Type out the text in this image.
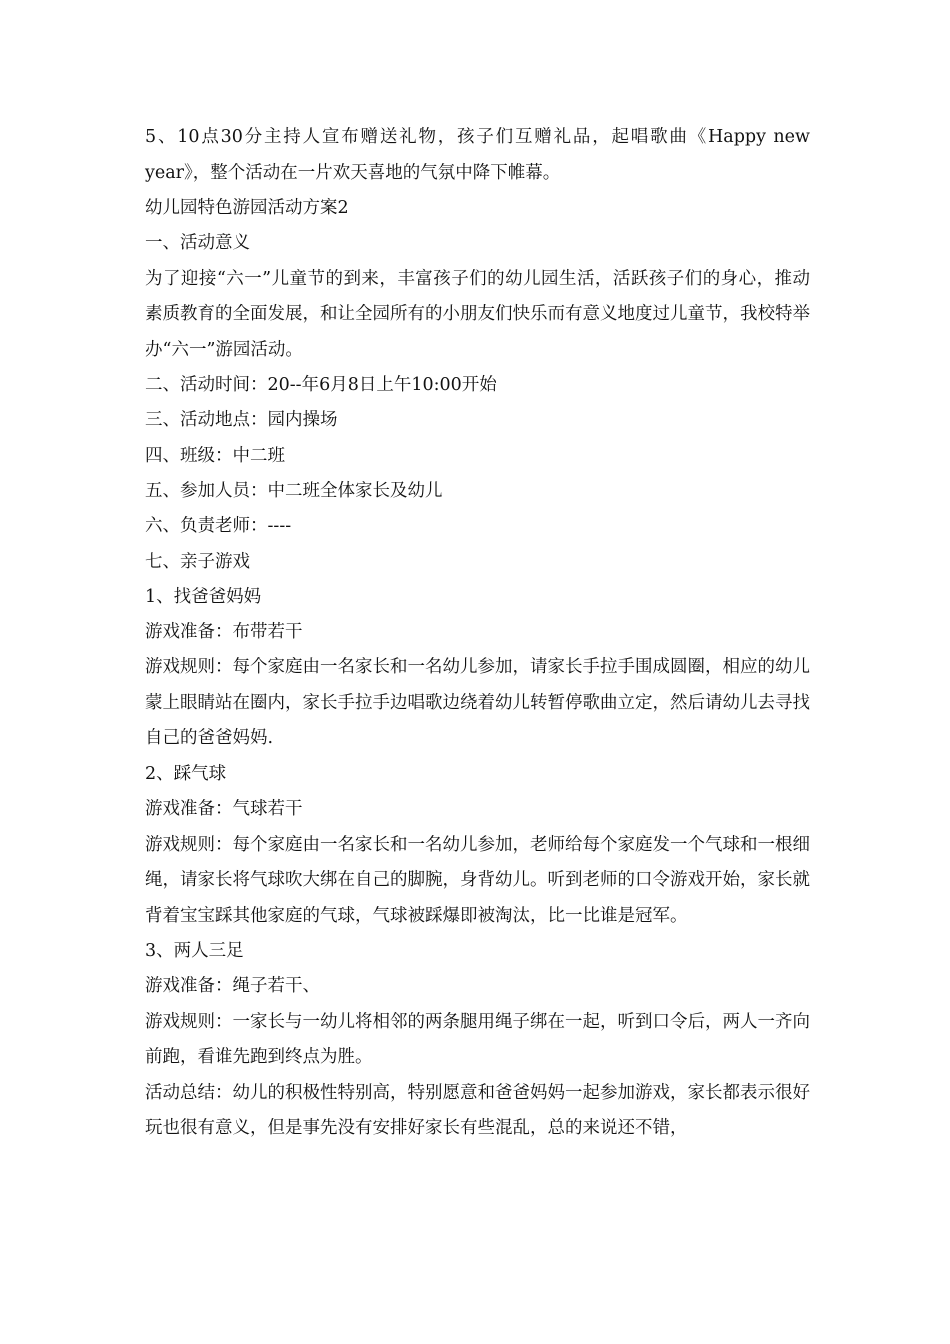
5、10点30分主持人宣布赠送礼物，孩子们互赠礼品，起唱歌曲《Happy new year》，整个活动在一片欢天喜地的气氛中降下帷幕。

幼儿园特色游园活动方案2

一、活动意义

为了迎接“六一”儿童节的到来，丰富孩子们的幼儿园生活，活跃孩子们的身心，推动素质教育的全面发展，和让全园所有的小朋友们快乐而有意义地度过儿童节，我校特举办“六一”游园活动。

二、活动时间：20--年6月8日上午10:00开始

三、活动地点：园内操场

四、班级：中二班

五、参加人员：中二班全体家长及幼儿

六、负责老师：----

七、亲子游戏

1、找爸爸妈妈

游戏准备：布带若干

游戏规则：每个家庭由一名家长和一名幼儿参加，请家长手拉手围成圆圈，相应的幼儿蒙上眼睛站在圈内，家长手拉手边唱歌边绕着幼儿转暂停歌曲立定，然后请幼儿去寻找自己的爸爸妈妈.

2、踩气球

游戏准备：气球若干

游戏规则：每个家庭由一名家长和一名幼儿参加，老师给每个家庭发一个气球和一根细绳，请家长将气球吹大绑在自己的脚腕，身背幼儿。听到老师的口令游戏开始，家长就背着宝宝踩其他家庭的气球，气球被踩爆即被淘汰，比一比谁是冠军。

3、两人三足

游戏准备：绳子若干、

游戏规则：一家长与一幼儿将相邻的两条腿用绳子绑在一起，听到口令后，两人一齐向前跑，看谁先跑到终点为胜。

活动总结：幼儿的积极性特别高，特别愿意和爸爸妈妈一起参加游戏，家长都表示很好玩也很有意义，但是事先没有安排好家长有些混乱，总的来说还不错，
